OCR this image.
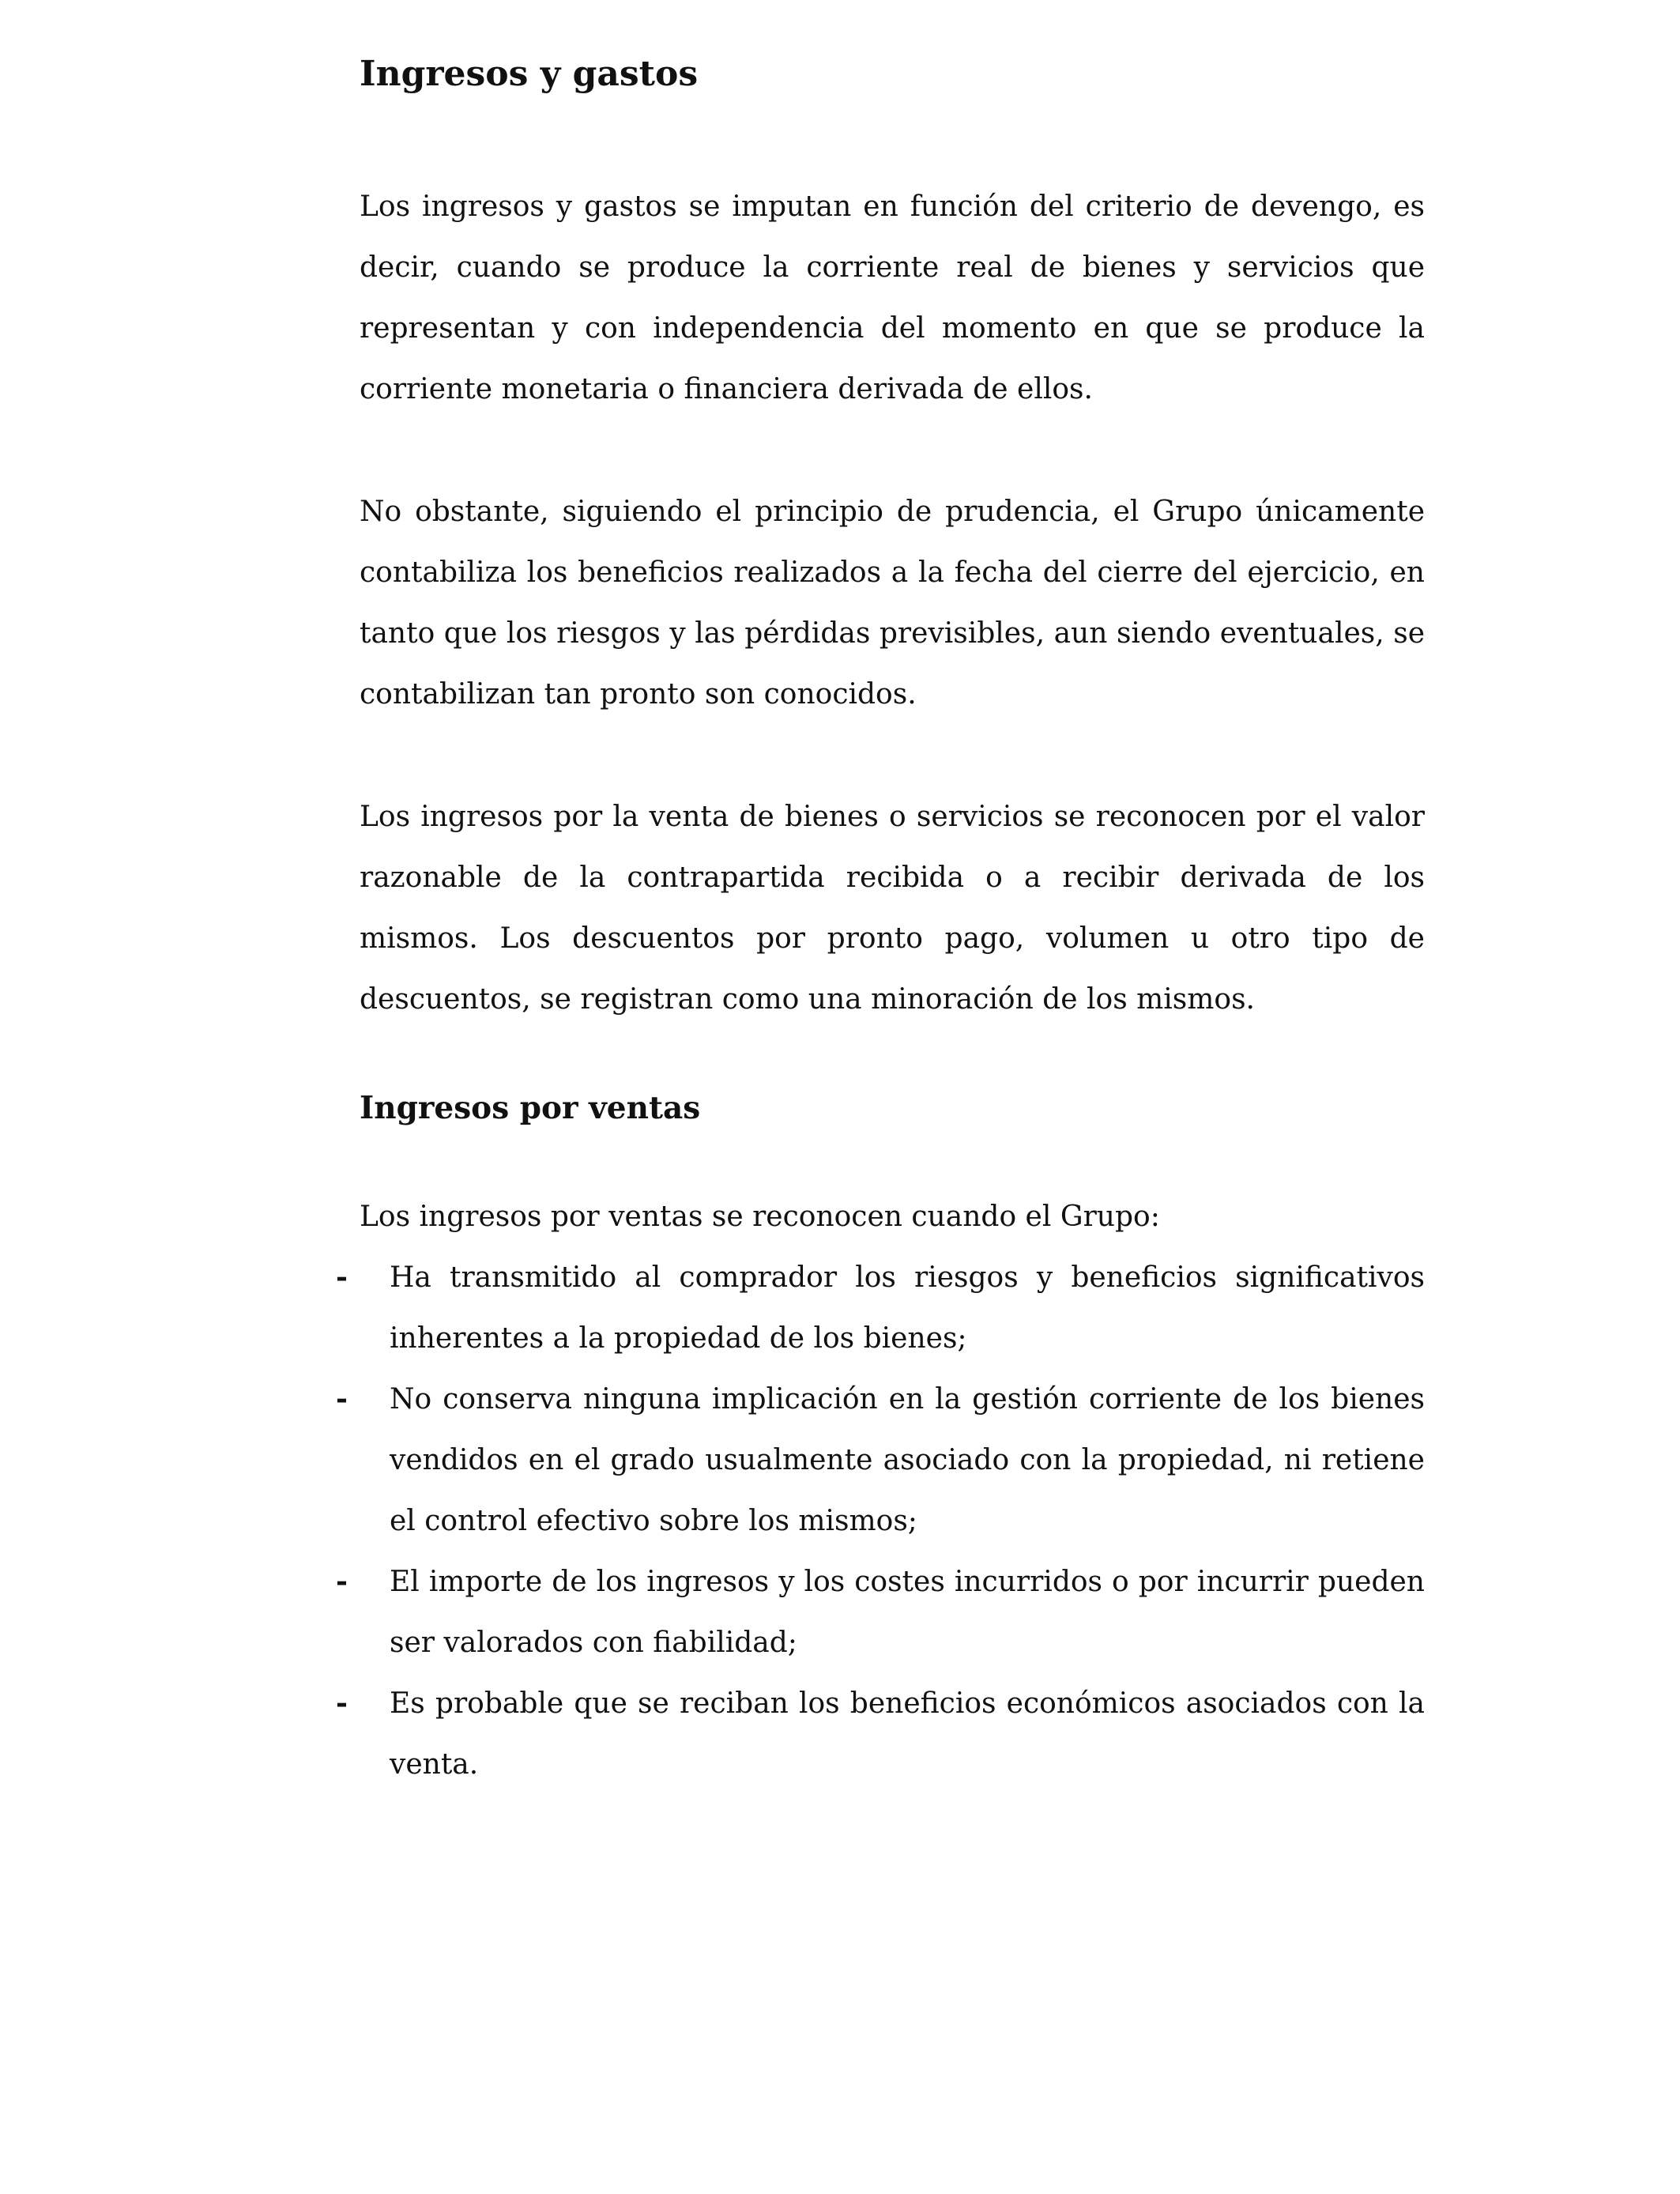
Ingresos y gastos

Los ingresos y gastos se imputan en función del criterio de devengo, es decir, cuando se produce la corriente real de bienes y servicios que representan y con independencia del momento en que se produce la corriente monetaria o financiera derivada de ellos.

No obstante, siguiendo el principio de prudencia, el Grupo únicamente contabiliza los beneficios realizados a la fecha del cierre del ejercicio, en tanto que los riesgos y las pérdidas previsibles, aun siendo eventuales, se contabilizan tan pronto son conocidos.

Los ingresos por la venta de bienes o servicios se reconocen por el valor razonable de la contrapartida recibida o a recibir derivada de los mismos. Los descuentos por pronto pago, volumen u otro tipo de descuentos, se registran como una minoración de los mismos.

Ingresos por ventas

Los ingresos por ventas se reconocen cuando el Grupo:

- Ha transmitido al comprador los riesgos y beneficios significativos inherentes a la propiedad de los bienes;
- No conserva ninguna implicación en la gestión corriente de los bienes vendidos en el grado usualmente asociado con la propiedad, ni retiene el control efectivo sobre los mismos;
- El importe de los ingresos y los costes incurridos o por incurrir pueden ser valorados con fiabilidad;
- Es probable que se reciban los beneficios económicos asociados con la venta.
